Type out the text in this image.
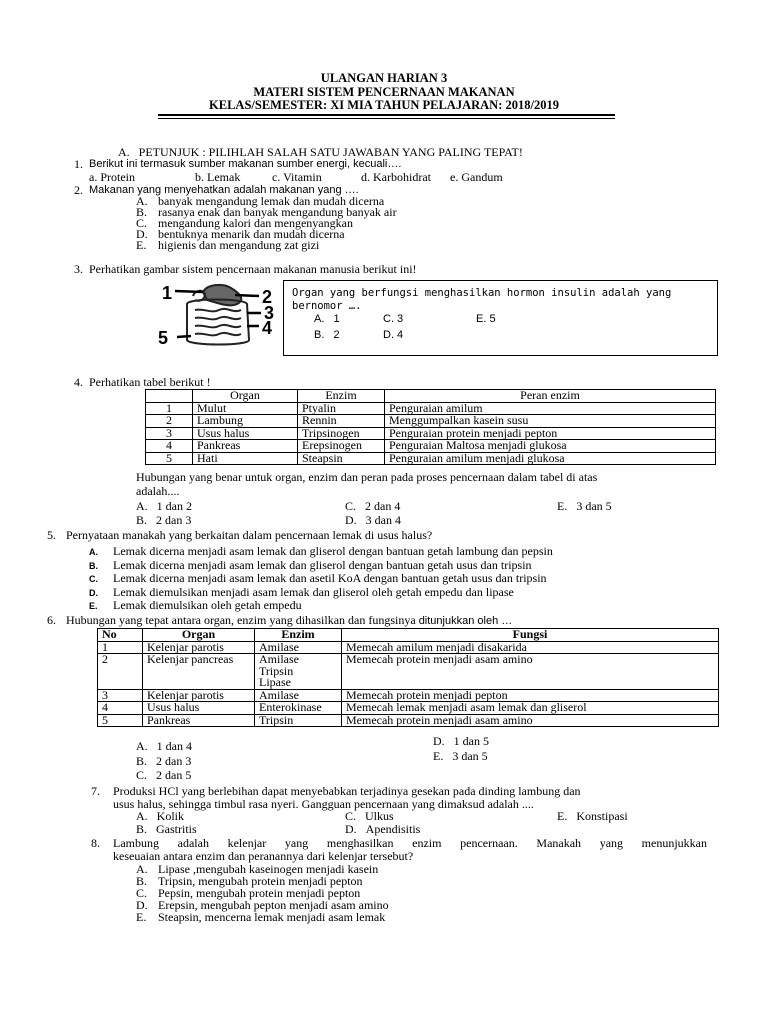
ULANGAN HARIAN 3
MATERI SISTEM PENCERNAAN MAKANAN
KELAS/SEMESTER: XI MIA TAHUN PELAJARAN: 2018/2019
A.   PETUNJUK : PILIHLAH SALAH SATU JAWABAN YANG PALING TEPAT!
1. Berikut ini termasuk sumber makanan sumber energi, kecuali….
a. Protein	b. Lemak	c. Vitamin	d. Karbohidrat e. Gandum
2. Makanan yang menyehatkan adalah makanan yang ….
A. banyak mengandung lemak dan mudah dicerna
B. rasanya enak dan banyak mengandung banyak air
C. mengandung kalori dan mengenyangkan
D. bentuknya menarik dan mudah dicerna
E. higienis dan mengandung zat gizi
3.  Perhatikan gambar sistem pencernaan makanan manusia berikut ini!
1	2
3
4
5
Organ yang berfungsi menghasilkan hormon insulin adalah yang
bernomor ….
A.   1	C. 3	E. 5
B.   2	D. 4
4.  Perhatikan tabel berikut !
	Organ	Enzim	Peran enzim
1	Mulut	Ptyalin	Penguraian amilum
2	Lambung	Rennin	Menggumpalkan kasein susu
3	Usus halus	Tripsinogen	Penguraian protein menjadi pepton
4	Pankreas	Erepsinogen	Penguraian Maltosa menjadi glukosa
5	Hati	Steapsin	Penguraian amilum menjadi glukosa
Hubungan yang benar untuk organ, enzim dan peran pada proses pencernaan dalam tabel di atas
adalah....
A.   1 dan 2	C.   2 dan 4	E.   3 dan 5
B.   2 dan 3	D.   3 dan 4
5. Pernyataan manakah yang berkaitan dalam pencernaan lemak di usus halus?
A. Lemak dicerna menjadi asam lemak dan gliserol dengan bantuan getah lambung dan pepsin
B. Lemak dicerna menjadi asam lemak dan gliserol dengan bantuan getah usus dan tripsin
C. Lemak dicerna menjadi asam lemak dan asetil KoA dengan bantuan getah usus dan tripsin
D. Lemak diemulsikan menjadi asam lemak dan gliserol oleh getah empedu dan lipase
E. Lemak diemulsikan oleh getah empedu
6. Hubungan yang tepat antara organ, enzim yang dihasilkan dan fungsinya ditunjukkan oleh …
No	Organ	Enzim	Fungsi
1	Kelenjar parotis	Amilase	Memecah amilum menjadi disakarida
2	Kelenjar pancreas	Amilase
Tripsin
Lipase	Memecah protein menjadi asam amino
3	Kelenjar parotis	Amilase	Memecah protein menjadi pepton
4	Usus halus	Enterokinase	Memecah lemak menjadi asam lemak dan gliserol
5	Pankreas	Tripsin	Memecah protein menjadi asam amino
A.   1 dan 4
B.   2 dan 3
C.   2 dan 5
D.   1 dan 5
E.   3 dan 5
7. Produksi HCl yang berlebihan dapat menyebabkan terjadinya gesekan pada dinding lambung dan
usus halus, sehingga timbul rasa nyeri. Gangguan pencernaan yang dimaksud adalah ....
A.   Kolik	C.   Ulkus	E.   Konstipasi
B.   Gastritis	D.   Apendisitis
8. Lambung adalah kelenjar yang menghasilkan enzim pencernaan. Manakah yang menunjukkan
keseuaian antara enzim dan peranannya dari kelenjar tersebut?
A. Lipase ,mengubah kaseinogen menjadi kasein
B. Tripsin, mengubah protein menjadi pepton
C. Pepsin, mengubah protein menjadi pepton
D. Erepsin, mengubah pepton menjadi asam amino
E. Steapsin, mencerna lemak menjadi asam lemak
